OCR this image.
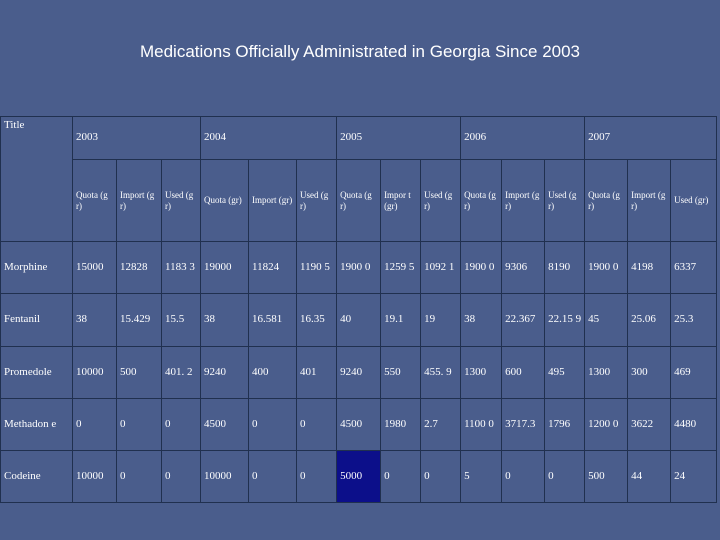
Medications Officially Administrated in Georgia Since 2003
Title	2003			2004			2005			2006			2007		
	Quota (gr)	Import (gr)	Used (gr)	Quota (gr)	Import (gr)	Used (gr)	Quota (gr)	Impor t (gr)	Used (gr)	Quota (gr)	Import (gr)	Used (gr)	Quota (gr)	Import (gr)	Used (gr)
Morphine	15000	12828	1183 3	19000	11824	1190 5	1900 0	1259 5	1092 1	1900 0	9306	8190	1900 0	4198	6337
Fentanil	38	15.429	15.5	38	16.581	16.35	40	19.1	19	38	22.367	22.15 9	45	25.06	25.3
Promedole	10000	500	401. 2	9240	400	401	9240	550	455. 9	1300	600	495	1300	300	469
Methadon e	0	0	0	4500	0	0	4500	1980	2.7	1100 0	3717.3	1796	1200 0	3622	4480
Codeine	10000	0	0	10000	0	0	5000	0	0	5	0	0	500	44	24
